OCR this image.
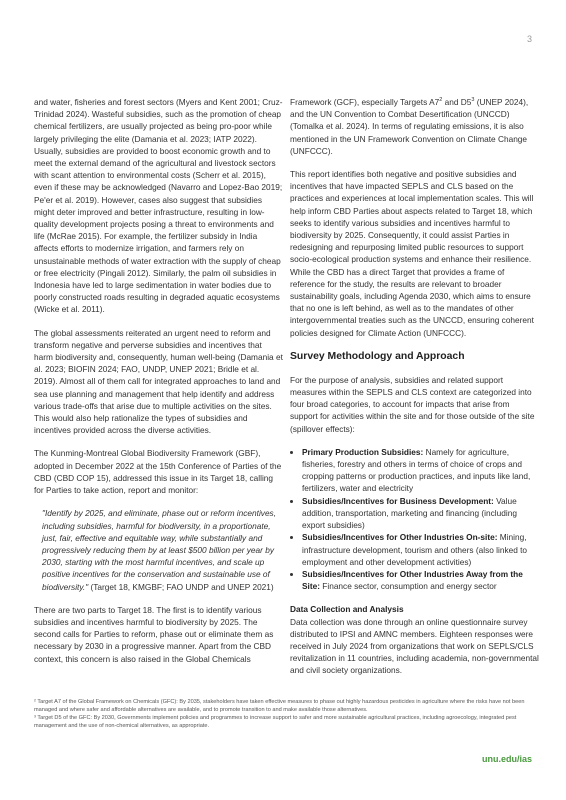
3

and water, fisheries and forest sectors (Myers and Kent 2001; Cruz-Trinidad 2024). Wasteful subsidies, such as the promotion of cheap chemical fertilizers, are usually projected as being pro-poor while largely privileging the elite (Damania et al. 2023; IATP 2022). Usually, subsidies are provided to boost economic growth and to meet the external demand of the agricultural and livestock sectors with scant attention to environmental costs (Scherr et al. 2015), even if these may be acknowledged (Navarro and Lopez-Bao 2019; Pe'er et al. 2019). However, cases also suggest that subsidies might deter improved and better infrastructure, resulting in low-quality development projects posing a threat to environments and life (McRae 2015). For example, the fertilizer subsidy in India affects efforts to modernize irrigation, and farmers rely on unsustainable methods of water extraction with the supply of cheap or free electricity (Pingali 2012). Similarly, the palm oil subsidies in Indonesia have led to large sedimentation in water bodies due to poorly constructed roads resulting in degraded aquatic ecosystems (Wicke et al. 2011).

The global assessments reiterated an urgent need to reform and transform negative and perverse subsidies and incentives that harm biodiversity and, consequently, human well-being (Damania et al. 2023; BIOFIN 2024; FAO, UNDP, UNEP 2021; Bridle et al. 2019). Almost all of them call for integrated approaches to land and sea use planning and management that help identify and address various trade-offs that arise due to multiple activities on the sites. This would also help rationalize the types of subsidies and incentives provided across the diverse activities.

The Kunming-Montreal Global Biodiversity Framework (GBF), adopted in December 2022 at the 15th Conference of Parties of the CBD (CBD COP 15), addressed this issue in its Target 18, calling for Parties to take action, report and monitor:

"Identify by 2025, and eliminate, phase out or reform incentives, including subsidies, harmful for biodiversity, in a proportionate, just, fair, effective and equitable way, while substantially and progressively reducing them by at least $500 billion per year by 2030, starting with the most harmful incentives, and scale up positive incentives for the conservation and sustainable use of biodiversity." (Target 18, KMGBF; FAO UNDP and UNEP 2021)

There are two parts to Target 18. The first is to identify various subsidies and incentives harmful to biodiversity by 2025. The second calls for Parties to reform, phase out or eliminate them as necessary by 2030 in a progressive manner. Apart from the CBD context, this concern is also raised in the Global Chemicals

Framework (GCF), especially Targets $A7^2$ and $D5^3$ (UNEP 2024), and the UN Convention to Combat Desertification (UNCCD) (Tomalka et al. 2024). In terms of regulating emissions, it is also mentioned in the UN Framework Convention on Climate Change (UNFCCC).

This report identifies both negative and positive subsidies and incentives that have impacted SEPLS and CLS based on the practices and experiences at local implementation scales. This will help inform CBD Parties about aspects related to Target 18, which seeks to identify various subsidies and incentives harmful to biodiversity by 2025. Consequently, it could assist Parties in redesigning and repurposing limited public resources to support socio-ecological production systems and enhance their resilience. While the CBD has a direct Target that provides a frame of reference for the study, the results are relevant to broader sustainability goals, including Agenda 2030, which aims to ensure that no one is left behind, as well as to the mandates of other intergovernmental treaties such as the UNCCD, ensuring coherent policies designed for Climate Action (UNFCCC).

Survey Methodology and Approach

For the purpose of analysis, subsidies and related support measures within the SEPLS and CLS context are categorized into four broad categories, to account for impacts that arise from support for activities within the site and for those outside of the site (spillover effects):

• Primary Production Subsidies: Namely for agriculture, fisheries, forestry and others in terms of choice of crops and cropping patterns or production practices, and inputs like land, fertilizers, water and electricity
• Subsidies/Incentives for Business Development: Value addition, transportation, marketing and financing (including export subsidies)
• Subsidies/Incentives for Other Industries On-site: Mining, infrastructure development, tourism and others (also linked to employment and other development activities)
• Subsidies/Incentives for Other Industries Away from the Site: Finance sector, consumption and energy sector
Data Collection and Analysis

Data collection was done through an online questionnaire survey distributed to IPSI and AMNC members. Eighteen responses were received in July 2024 from organizations that work on SEPLS/CLS revitalization in 11 countries, including academia, non-governmental and civil society organizations.

² Target A7 of the Global Framework on Chemicals (GFC): By 2035, stakeholders have taken effective measures to phase out highly hazardous pesticides in agriculture where the risks have not been managed and where safer and affordable alternatives are available, and to promote transition to and make available those alternatives.

³ Target D5 of the GFC: By 2030, Governments implement policies and programmes to increase support to safer and more sustainable agricultural practices, including agroecology, integrated pest management and the use of non-chemical alternatives, as appropriate.

unu.edu/ias
